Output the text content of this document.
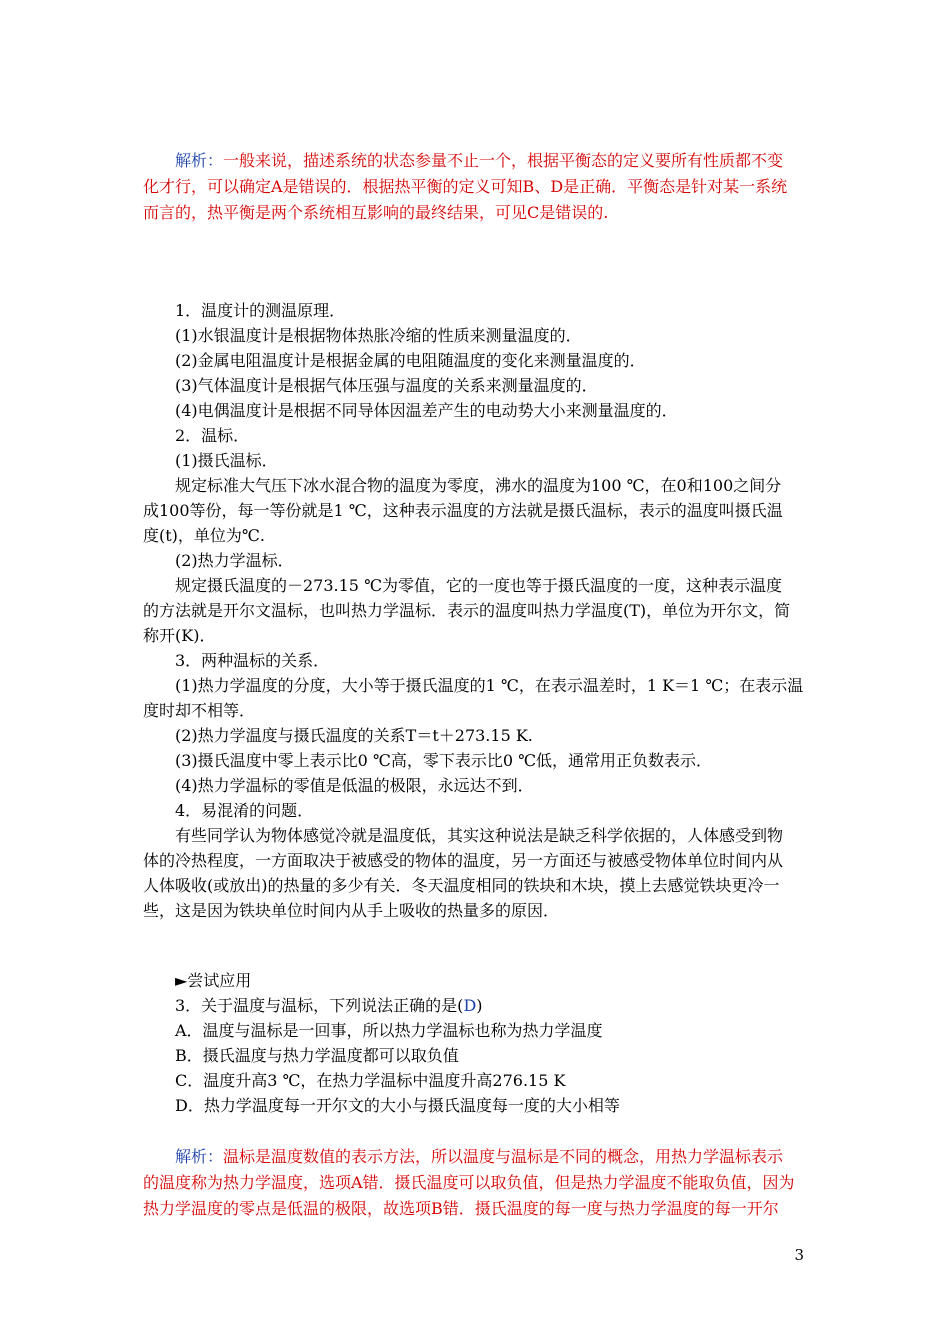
解析：一般来说，描述系统的状态参量不止一个，根据平衡态的定义要所有性质都不变
化才行，可以确定A是错误的．根据热平衡的定义可知B、D是正确．平衡态是针对某一系统
而言的，热平衡是两个系统相互影响的最终结果，可见C是错误的.
1．温度计的测温原理．
(1)水银温度计是根据物体热胀冷缩的性质来测量温度的．
(2)金属电阻温度计是根据金属的电阻随温度的变化来测量温度的．
(3)气体温度计是根据气体压强与温度的关系来测量温度的．
(4)电偶温度计是根据不同导体因温差产生的电动势大小来测量温度的．
2．温标．
(1)摄氏温标．
规定标准大气压下冰水混合物的温度为零度，沸水的温度为100 ℃，在0和100之间分
成100等份，每一等份就是1 ℃，这种表示温度的方法就是摄氏温标，表示的温度叫摄氏温
度(t)，单位为℃.
(2)热力学温标．
规定摄氏温度的－273.15 ℃为零值，它的一度也等于摄氏温度的一度，这种表示温度
的方法就是开尔文温标，也叫热力学温标．表示的温度叫热力学温度(T)，单位为开尔文，简
称开(K)．
3．两种温标的关系．
(1)热力学温度的分度，大小等于摄氏温度的1 ℃，在表示温差时，1 K＝1 ℃；在表示温
度时却不相等．
(2)热力学温度与摄氏温度的关系T＝t＋273.15 K.
(3)摄氏温度中零上表示比0 ℃高，零下表示比0 ℃低，通常用正负数表示．
(4)热力学温标的零值是低温的极限，永远达不到．
4．易混淆的问题．
有些同学认为物体感觉冷就是温度低，其实这种说法是缺乏科学依据的，人体感受到物
体的冷热程度，一方面取决于被感受的物体的温度，另一方面还与被感受物体单位时间内从
人体吸收(或放出)的热量的多少有关．冬天温度相同的铁块和木块，摸上去感觉铁块更冷一
些，这是因为铁块单位时间内从手上吸收的热量多的原因．
►尝试应用
3．关于温度与温标，下列说法正确的是(D)
A．温度与温标是一回事，所以热力学温标也称为热力学温度
B．摄氏温度与热力学温度都可以取负值
C．温度升高3 ℃，在热力学温标中温度升高276.15 K
D．热力学温度每一开尔文的大小与摄氏温度每一度的大小相等
解析：温标是温度数值的表示方法，所以温度与温标是不同的概念，用热力学温标表示
的温度称为热力学温度，选项A错．摄氏温度可以取负值，但是热力学温度不能取负值，因为
热力学温度的零点是低温的极限，故选项B错．摄氏温度的每一度与热力学温度的每一开尔
3
